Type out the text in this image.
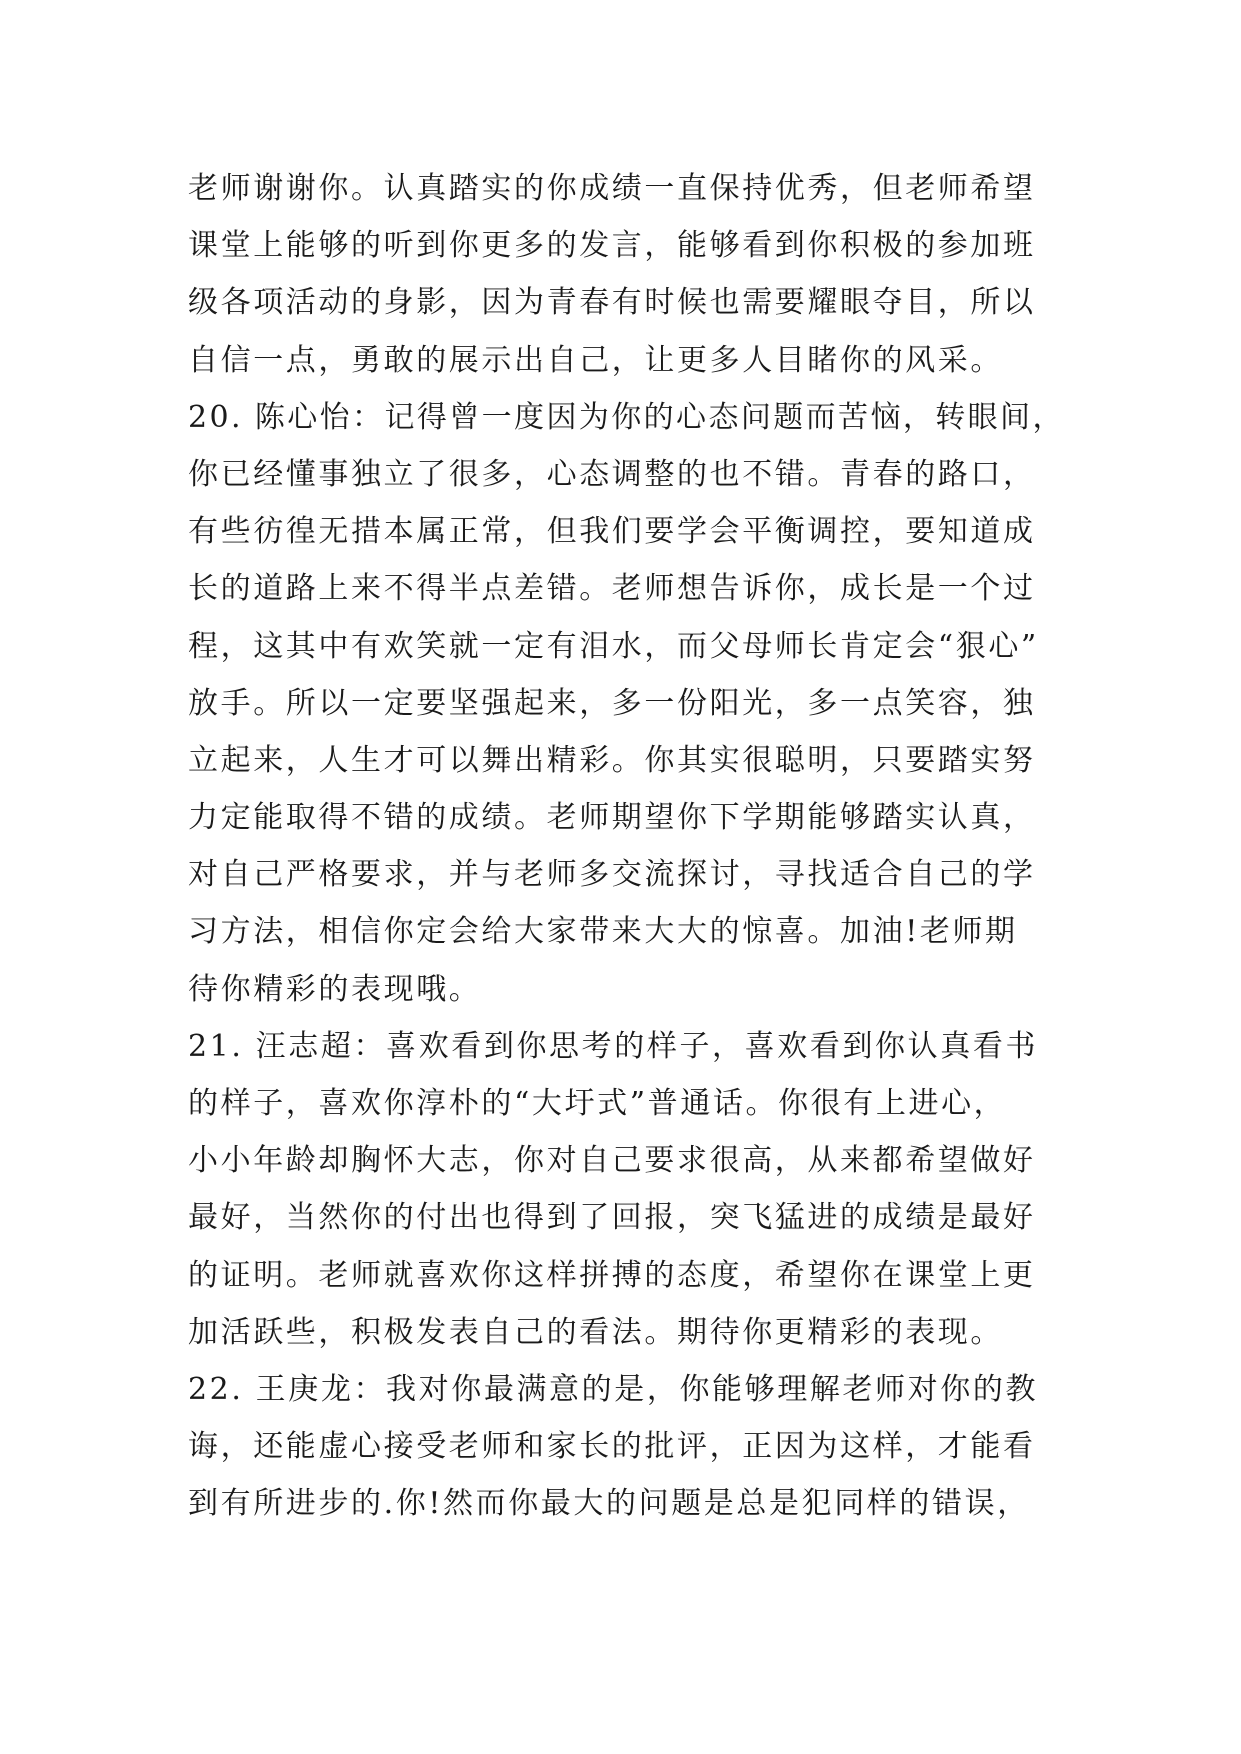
老师谢谢你。认真踏实的你成绩一直保持优秀，但老师希望
课堂上能够的听到你更多的发言，能够看到你积极的参加班
级各项活动的身影，因为青春有时候也需要耀眼夺目，所以
自信一点，勇敢的展示出自己，让更多人目睹你的风采。
20. 陈心怡：记得曾一度因为你的心态问题而苦恼，转眼间，
你已经懂事独立了很多，心态调整的也不错。青春的路口，
有些彷徨无措本属正常，但我们要学会平衡调控，要知道成
长的道路上来不得半点差错。老师想告诉你，成长是一个过
程，这其中有欢笑就一定有泪水，而父母师长肯定会“狠心”
放手。所以一定要坚强起来，多一份阳光，多一点笑容，独
立起来，人生才可以舞出精彩。你其实很聪明，只要踏实努
力定能取得不错的成绩。老师期望你下学期能够踏实认真，
对自己严格要求，并与老师多交流探讨，寻找适合自己的学
习方法，相信你定会给大家带来大大的惊喜。加油!老师期
待你精彩的表现哦。
21. 汪志超：喜欢看到你思考的样子，喜欢看到你认真看书
的样子，喜欢你淳朴的“大圩式”普通话。你很有上进心，
小小年龄却胸怀大志，你对自己要求很高，从来都希望做好
最好，当然你的付出也得到了回报，突飞猛进的成绩是最好
的证明。老师就喜欢你这样拼搏的态度，希望你在课堂上更
加活跃些，积极发表自己的看法。期待你更精彩的表现。
22. 王庚龙：我对你最满意的是，你能够理解老师对你的教
诲，还能虚心接受老师和家长的批评，正因为这样，才能看
到有所进步的.你!然而你最大的问题是总是犯同样的错误，
